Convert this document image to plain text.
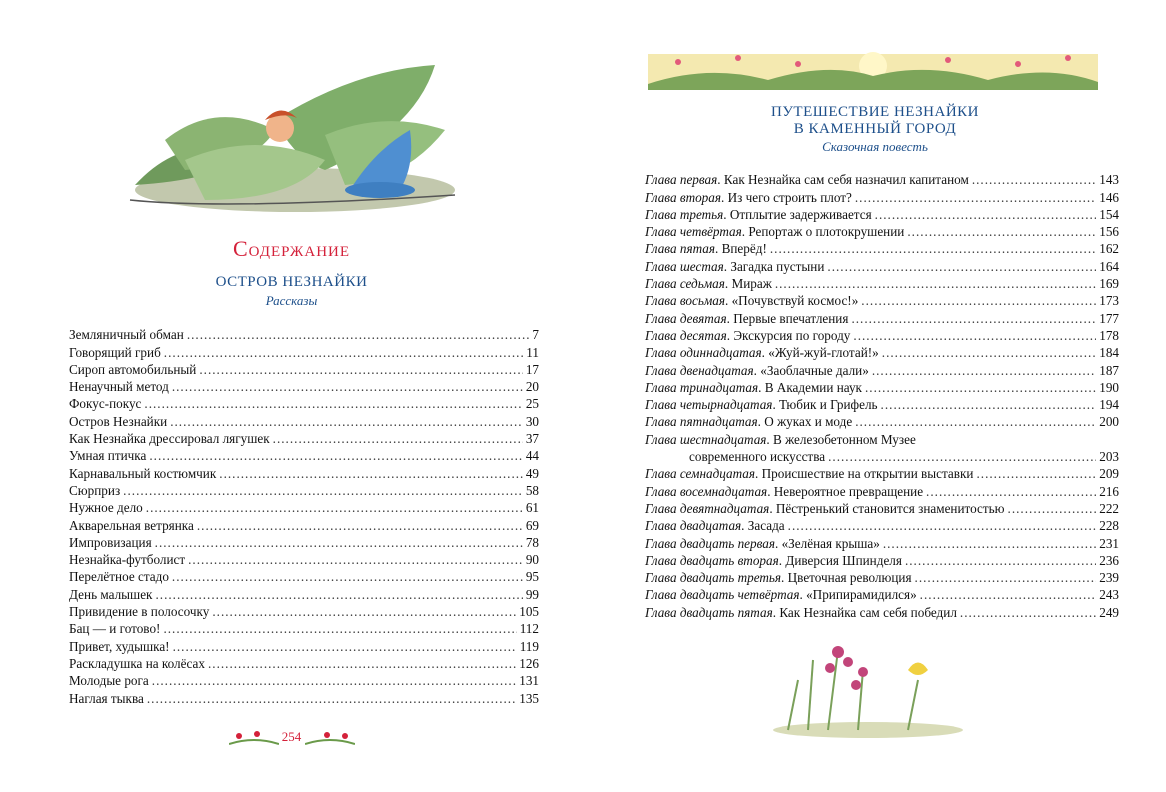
Содержание
ОСТРОВ НЕЗНАЙКИ
Рассказы
Земляничный обман .....	7
Говорящий гриб .....	11
Сироп автомобильный .....	17
Ненаучный метод .....	20
Фокус-покус .....	25
Остров Незнайки .....	30
Как Незнайка дрессировал лягушек .....	37
Умная птичка .....	44
Карнавальный костюмчик .....	49
Сюрприз .....	58
Нужное дело .....	61
Акварельная ветрянка .....	69
Импровизация .....	78
Незнайка-футболист .....	90
Перелётное стадо .....	95
День малышек .....	99
Привидение в полосочку .....	105
Бац — и готово! .....	112
Привет, худышка! .....	119
Раскладушка на колёсах .....	126
Молодые рога .....	131
Наглая тыква .....	135
254
ПУТЕШЕСТВИЕ НЕЗНАЙКИ
В КАМЕННЫЙ ГОРОД
Сказочная повесть
Глава первая. Как Незнайка сам себя назначил капитаном .....	143
Глава вторая. Из чего строить плот? .....	146
Глава третья. Отплытие задерживается .....	154
Глава четвёртая. Репортаж о плотокрушении .....	156
Глава пятая. Вперёд! .....	162
Глава шестая. Загадка пустыни .....	164
Глава седьмая. Мираж .....	169
Глава восьмая. «Почувствуй космос!» .....	173
Глава девятая. Первые впечатления .....	177
Глава десятая. Экскурсия по городу .....	178
Глава одиннадцатая. «Жуй-жуй-глотай!» .....	184
Глава двенадцатая. «Заоблачные дали» .....	187
Глава тринадцатая. В Академии наук .....	190
Глава четырнадцатая. Тюбик и Грифель .....	194
Глава пятнадцатая. О жуках и моде .....	200
Глава шестнадцатая. В железобетонном Музее
современного искусства .....	203
Глава семнадцатая. Происшествие на открытии выставки .....	209
Глава восемнадцатая. Невероятное превращение .....	216
Глава девятнадцатая. Пёстренький становится знаменитостью .....	222
Глава двадцатая. Засада .....	228
Глава двадцать первая. «Зелёная крыша» .....	231
Глава двадцать вторая. Диверсия Шпинделя .....	236
Глава двадцать третья. Цветочная революция .....	239
Глава двадцать четвёртая. «Припирамидился» .....	243
Глава двадцать пятая. Как Незнайка сам себя победил .....	249
